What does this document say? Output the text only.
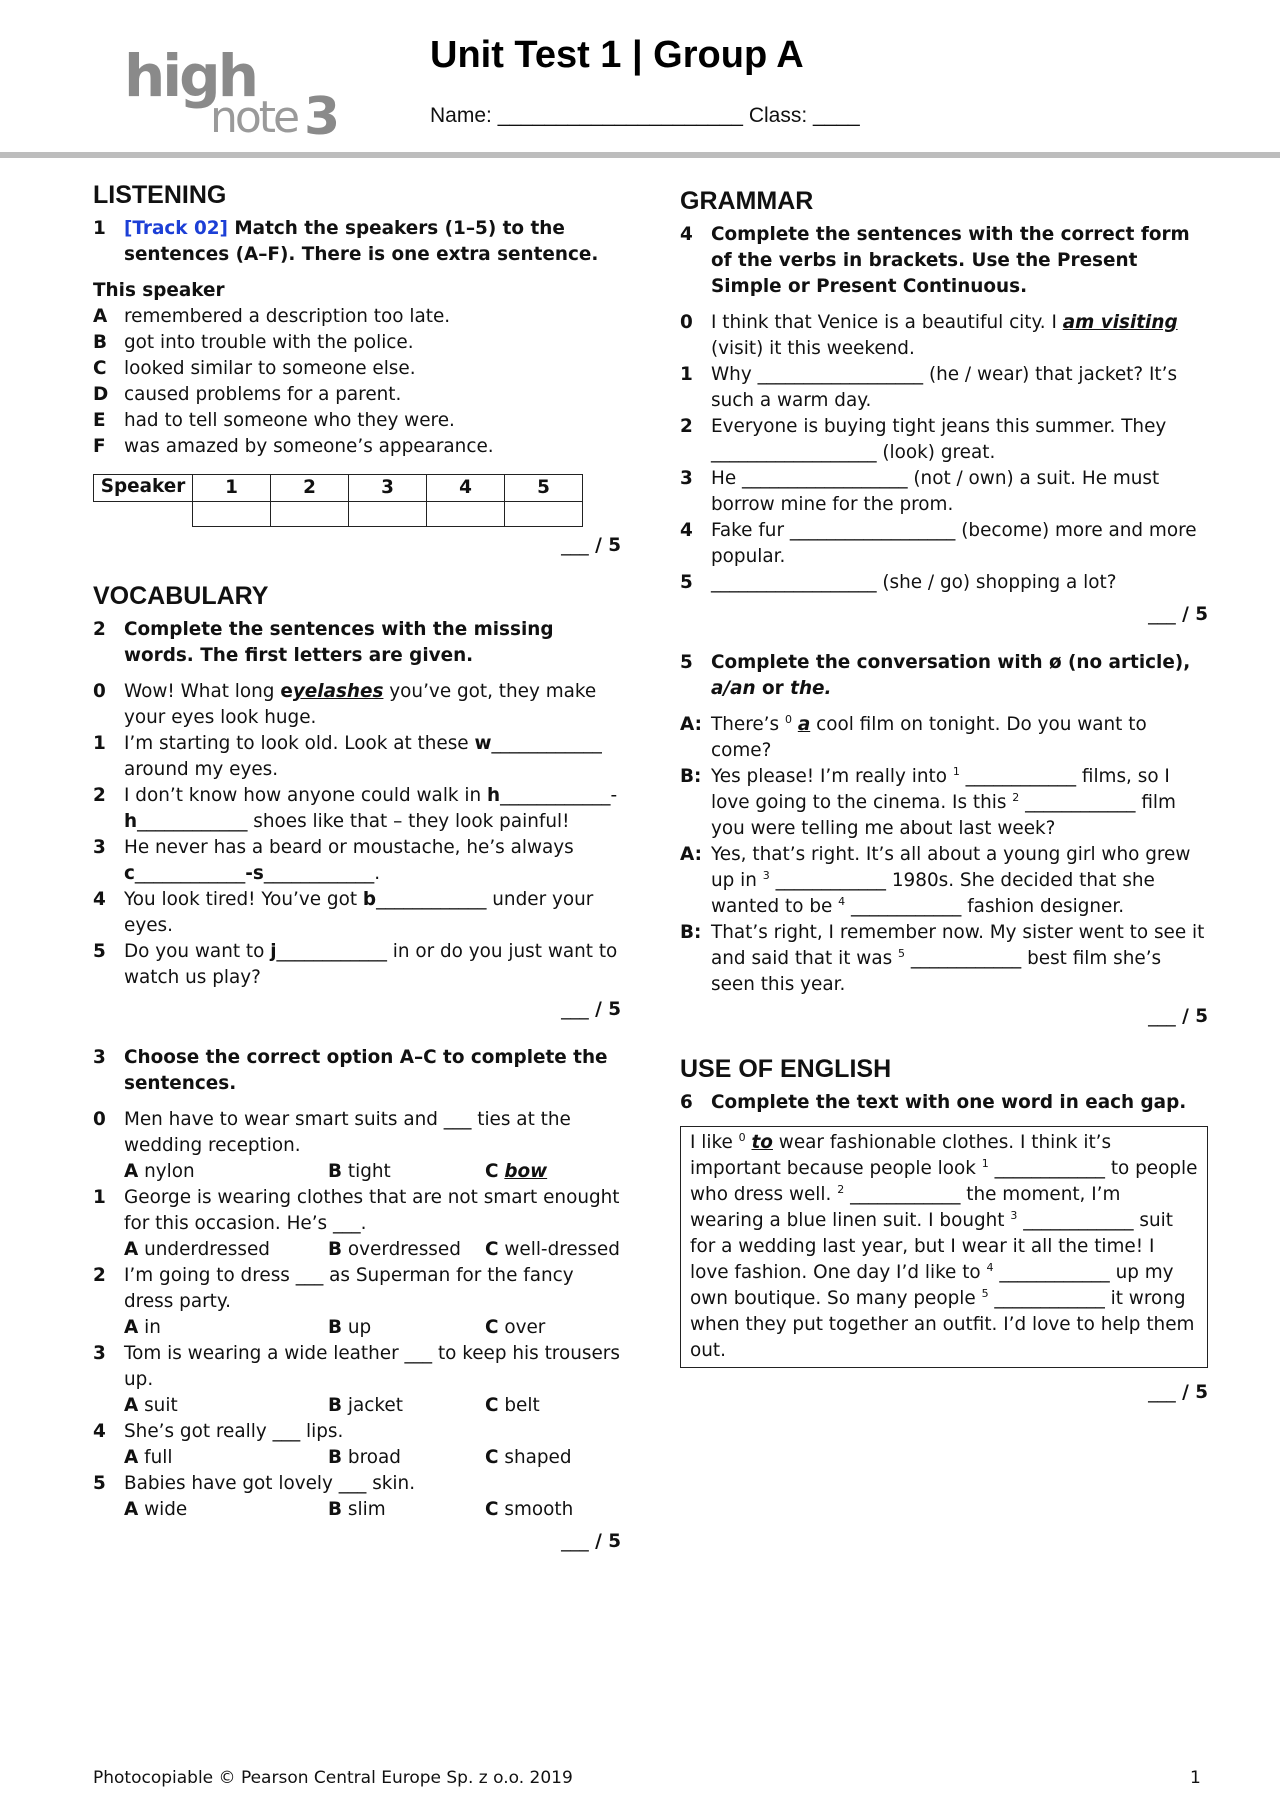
high
note 3
Unit Test 1 | Group A
Name: _____________________ Class: ____
LISTENING
1 [Track 02] Match the speakers (1–5) to the sentences (A–F). There is one extra sentence.
This speaker
A remembered a description too late.
B got into trouble with the police.
C looked similar to someone else.
D caused problems for a parent.
E	had to tell someone who they were.
F	was amazed by someone’s appearance.
Speaker	1	2	3	4	5

___ / 5
VOCABULARY
2 Complete the sentences with the missing words. The first letters are given.
0 Wow! What long eyelashes you’ve got, they make your eyes look huge.
1 I’m starting to look old. Look at these w____________ around my eyes.
2 I don’t know how anyone could walk in h____________-h____________ shoes like that – they look painful!
3 He never has a beard or moustache, he’s always c____________-s____________.
4 You look tired! You’ve got b____________ under your eyes.
5 Do you want to j____________ in or do you just want to watch us play?
___ / 5
3 Choose the correct option A–C to complete the sentences.
0 Men have to wear smart suits and ___ ties at the wedding reception.
A nylon	B tight	C bow
1 George is wearing clothes that are not smart enought for this occasion. He’s ___.
A underdressed	B overdressed	C well-dressed
2 I’m going to dress ___ as Superman for the fancy dress party.
A in	B up	C over
3 Tom is wearing a wide leather ___ to keep his trousers up.
A suit	B jacket	C belt
4 She’s got really ___ lips.
A full	B broad	C shaped
5 Babies have got lovely ___ skin.
A wide	B slim	C smooth
___ / 5
GRAMMAR
4 Complete the sentences with the correct form of the verbs in brackets. Use the Present Simple or Present Continuous.
0 I think that Venice is a beautiful city. I am visiting (visit) it this weekend.
1 Why __________________ (he / wear) that jacket? It’s such a warm day.
2 Everyone is buying tight jeans this summer. They __________________ (look) great.
3 He __________________ (not / own) a suit. He must borrow mine for the prom.
4 Fake fur __________________ (become) more and more popular.
5 __________________ (she / go) shopping a lot?
___ / 5
5 Complete the conversation with ø (no article), a/an or the.
A: There’s $^0$ a cool film on tonight. Do you want to come?
B: Yes please! I’m really into $^1$ ____________ films, so I love going to the cinema. Is this $^2$ ____________ film you were telling me about last week?
A: Yes, that’s right. It’s all about a young girl who grew up in $^3$ ____________ 1980s. She decided that she wanted to be $^4$ ____________ fashion designer.
B: That’s right, I remember now. My sister went to see it and said that it was $^5$ ____________ best film she’s seen this year.
___ / 5
USE OF ENGLISH
6 Complete the text with one word in each gap.
I like $^0$ to wear fashionable clothes. I think it’s important because people look $^1$ ____________ to people who dress well. $^2$ ____________ the moment, I’m wearing a blue linen suit. I bought $^3$ ____________ suit for a wedding last year, but I wear it all the time! I love fashion. One day I’d like to $^4$ ____________ up my own boutique. So many people $^5$ ____________ it wrong when they put together an outfit. I’d love to help them out.
___ / 5
Photocopiable © Pearson Central Europe Sp. z o.o. 2019	1
